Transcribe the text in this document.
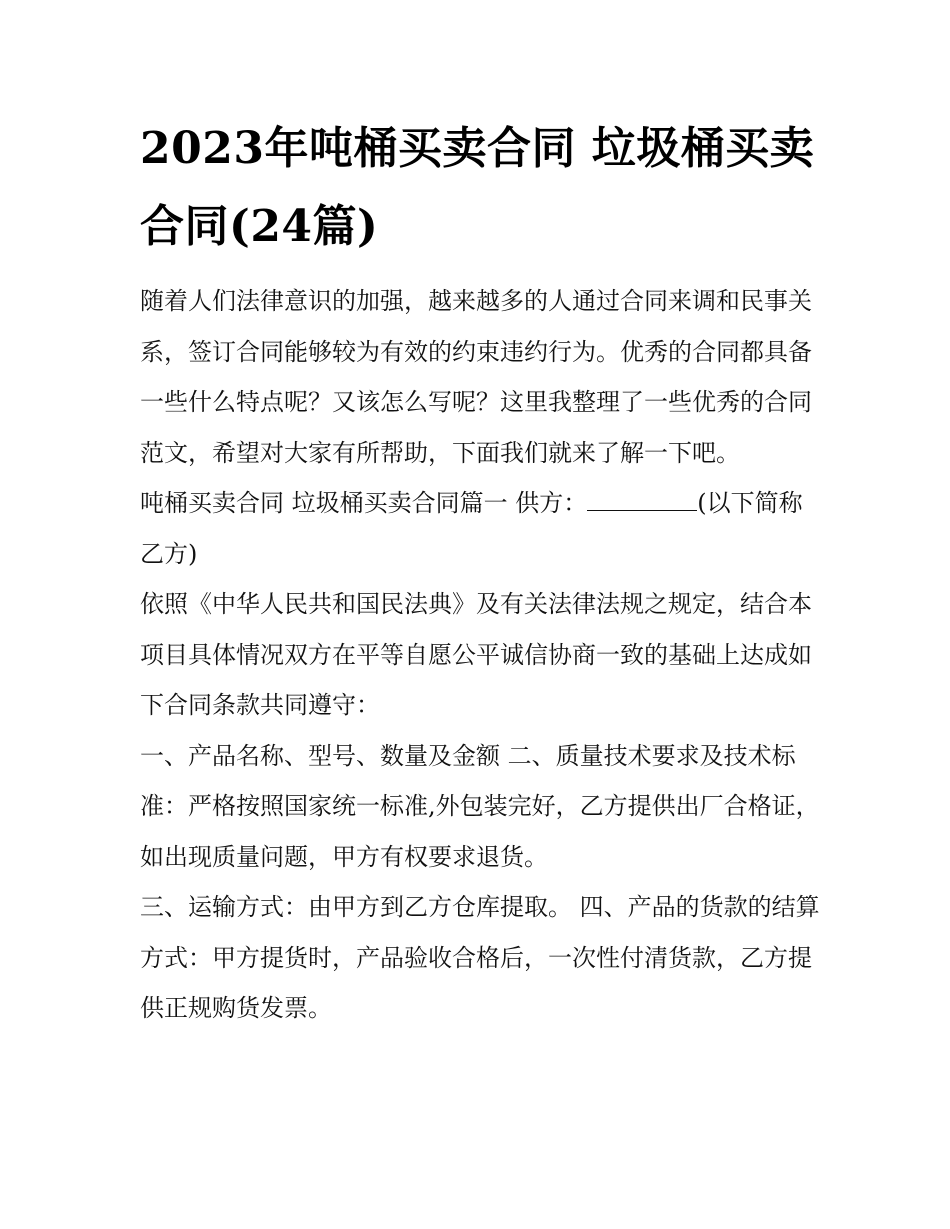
2023年吨桶买卖合同 垃圾桶买卖合同(24篇)

随着人们法律意识的加强，越来越多的人通过合同来调和民事关系，签订合同能够较为有效的约束违约行为。优秀的合同都具备一些什么特点呢？又该怎么写呢？这里我整理了一些优秀的合同范文，希望对大家有所帮助，下面我们就来了解一下吧。

吨桶买卖合同 垃圾桶买卖合同篇一 供方：	(以下简称乙方)

依照《中华人民共和国民法典》及有关法律法规之规定，结合本项目具体情况双方在平等自愿公平诚信协商一致的基础上达成如下合同条款共同遵守：

一、产品名称、型号、数量及金额 二、质量技术要求及技术标准：严格按照国家统一标准,外包装完好，乙方提供出厂合格证，如出现质量问题，甲方有权要求退货。

三、运输方式：由甲方到乙方仓库提取。 四、产品的货款的结算方式：甲方提货时，产品验收合格后，一次性付清货款，乙方提供正规购货发票。
